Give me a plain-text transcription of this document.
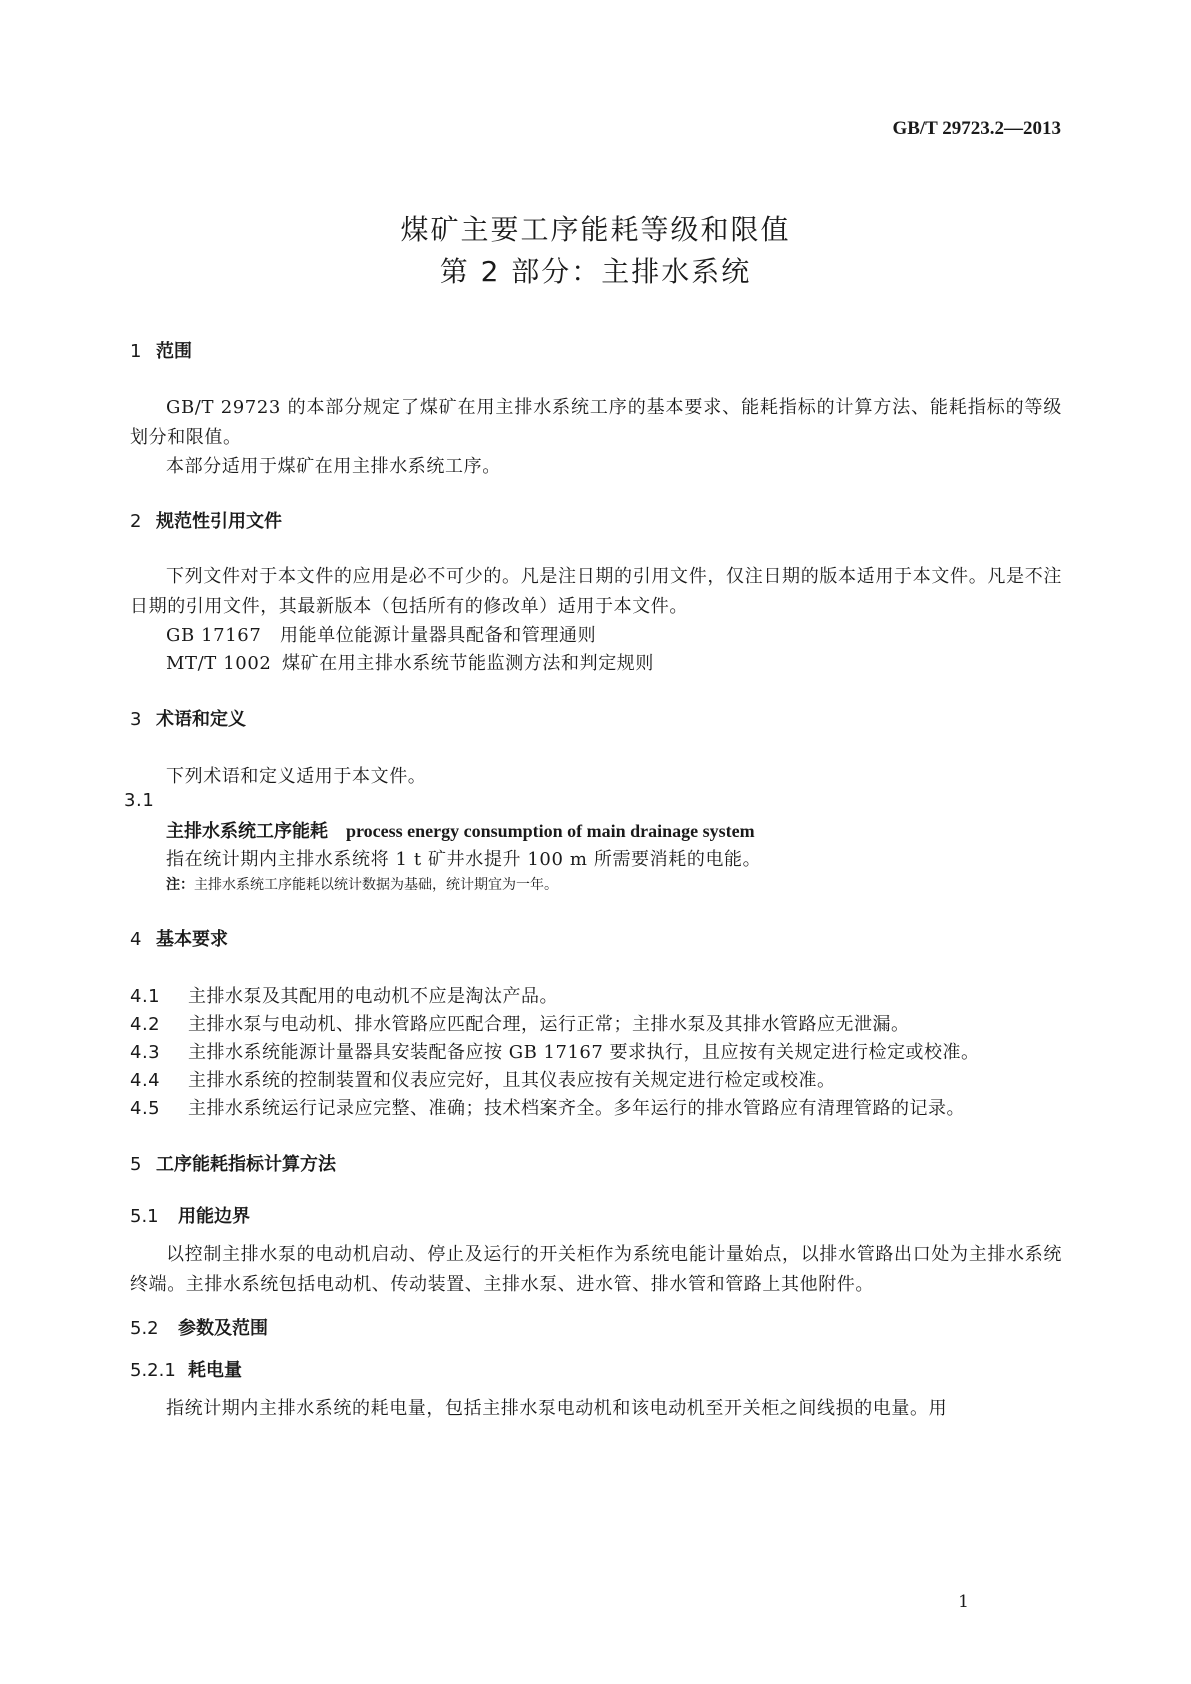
GB/T 29723.2—2013
煤矿主要工序能耗等级和限值
第 2 部分：主排水系统
1 范围
GB/T 29723 的本部分规定了煤矿在用主排水系统工序的基本要求、能耗指标的计算方法、能耗指标的等级划分和限值。
本部分适用于煤矿在用主排水系统工序。
2 规范性引用文件
下列文件对于本文件的应用是必不可少的。凡是注日期的引用文件，仅注日期的版本适用于本文件。凡是不注日期的引用文件，其最新版本（包括所有的修改单）适用于本文件。
GB 17167 用能单位能源计量器具配备和管理通则
MT/T 1002 煤矿在用主排水系统节能监测方法和判定规则
3 术语和定义
下列术语和定义适用于本文件。
3.1
主排水系统工序能耗 process energy consumption of main drainage system
指在统计期内主排水系统将 1 t 矿井水提升 100 m 所需要消耗的电能。
注：主排水系统工序能耗以统计数据为基础，统计期宜为一年。
4 基本要求
4.1 主排水泵及其配用的电动机不应是淘汰产品。
4.2 主排水泵与电动机、排水管路应匹配合理，运行正常；主排水泵及其排水管路应无泄漏。
4.3 主排水系统能源计量器具安装配备应按 GB 17167 要求执行，且应按有关规定进行检定或校准。
4.4 主排水系统的控制装置和仪表应完好，且其仪表应按有关规定进行检定或校准。
4.5 主排水系统运行记录应完整、准确；技术档案齐全。多年运行的排水管路应有清理管路的记录。
5 工序能耗指标计算方法
5.1 用能边界
以控制主排水泵的电动机启动、停止及运行的开关柜作为系统电能计量始点，以排水管路出口处为主排水系统终端。主排水系统包括电动机、传动装置、主排水泵、进水管、排水管和管路上其他附件。
5.2 参数及范围
5.2.1 耗电量
指统计期内主排水系统的耗电量，包括主排水泵电动机和该电动机至开关柜之间线损的电量。用
1
